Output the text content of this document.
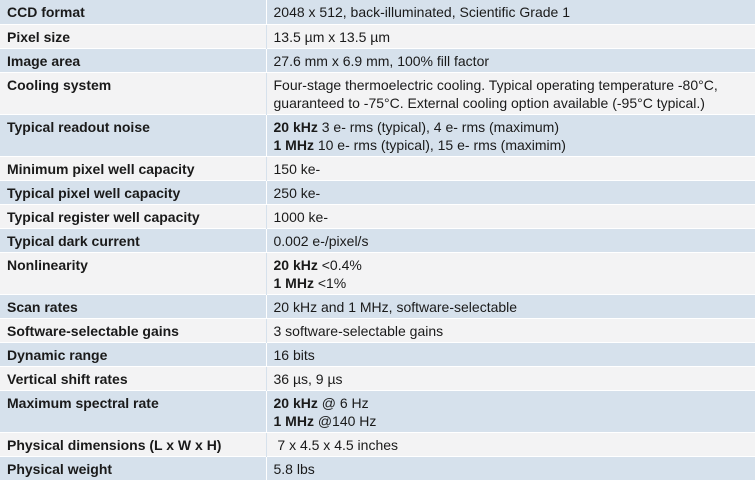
CCD format	2048 x 512, back-illuminated, Scientific Grade 1
Pixel size	13.5 µm x 13.5 µm
Image area	27.6 mm x 6.9 mm, 100% fill factor
Cooling system	Four-stage thermoelectric cooling. Typical operating temperature -80°C,
guaranteed to -75°C. External cooling option available (-95°C typical.)

Typical readout noise	20 kHz 3 e- rms (typical), 4 e- rms (maximum)
1 MHz 10 e- rms (typical), 15 e- rms (maximim)

Minimum pixel well capacity	150 ke-
Typical pixel well capacity	250 ke-
Typical register well capacity	1000 ke-
Typical dark current	0.002 e-/pixel/s
Nonlinearity	20 kHz <0.4%
1 MHz <1%

Scan rates	20 kHz and 1 MHz, software-selectable
Software-selectable gains	3 software-selectable gains
Dynamic range	16 bits
Vertical shift rates	36 µs, 9 µs
Maximum spectral rate	20 kHz @ 6 Hz
1 MHz @140 Hz

Physical dimensions (L x W x H)	7 x 4.5 x 4.5 inches
Physical weight	5.8 lbs
